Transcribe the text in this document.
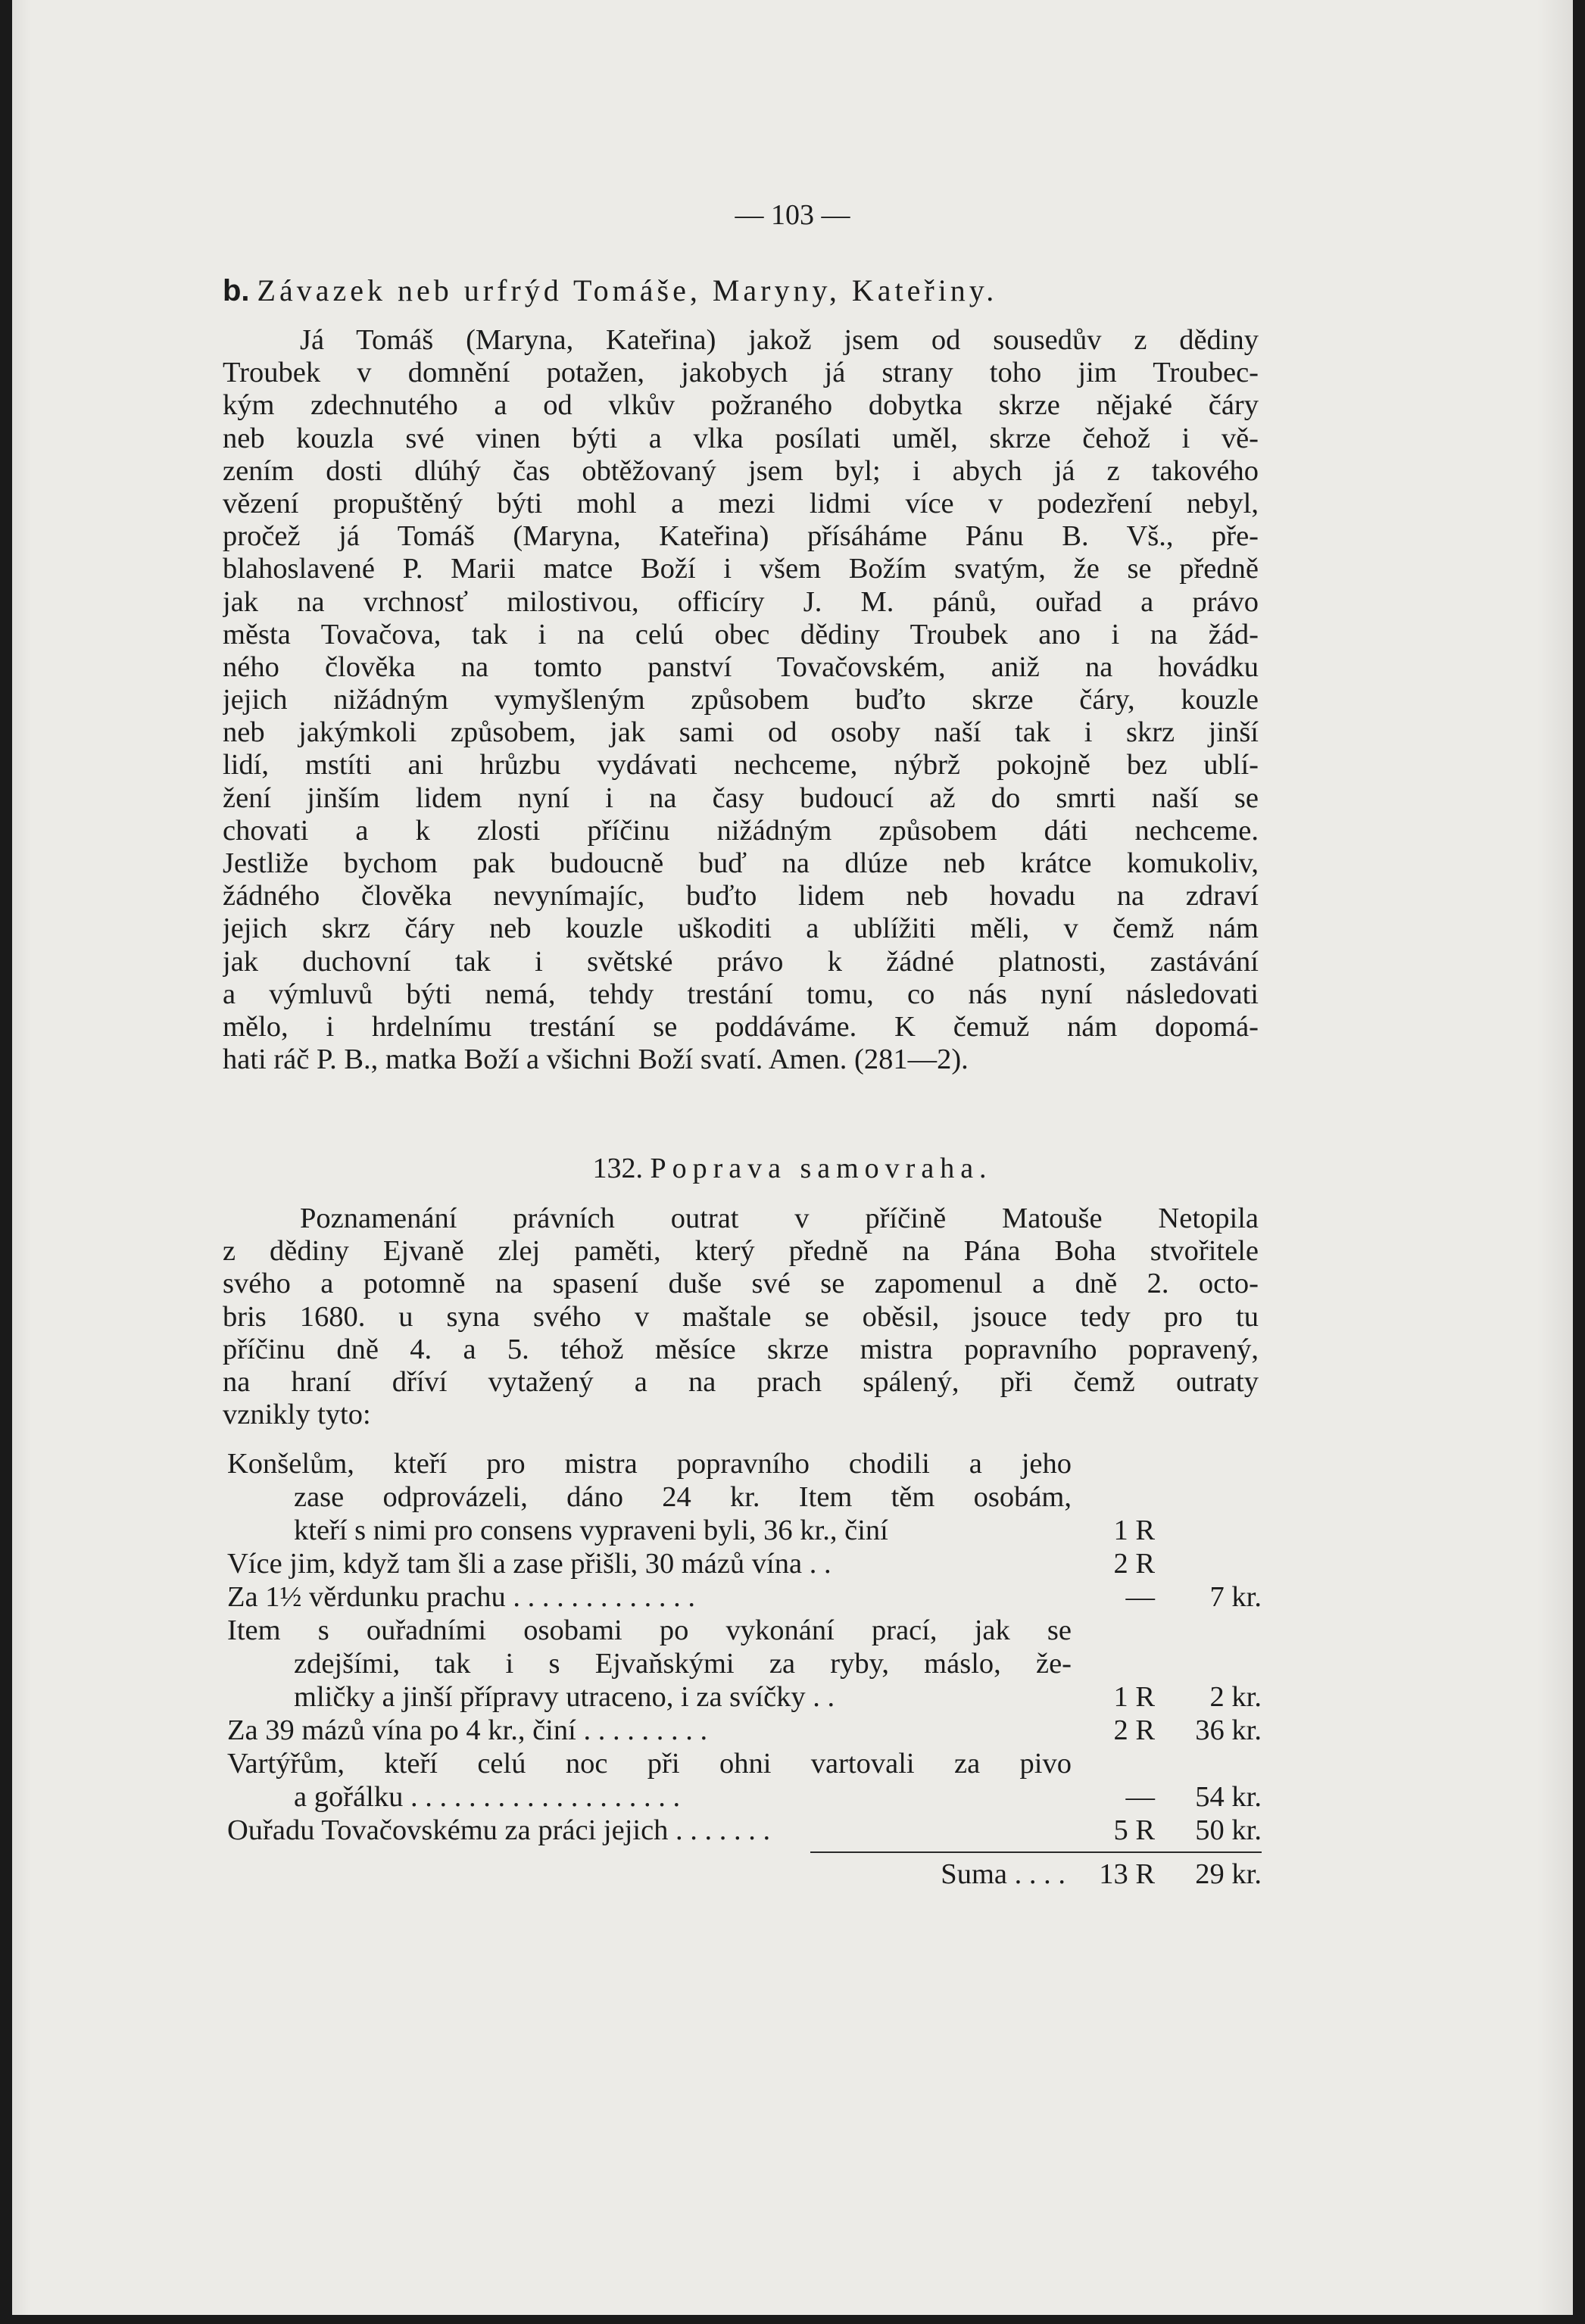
— 103 —
b. Závazek neb urfrýd Tomáše, Maryny, Kateřiny.
Já Tomáš (Maryna, Kateřina) jakož jsem od sousedův z dědiny
Troubek v domnění potažen, jakobych já strany toho jim Troubec-
kým zdechnutého a od vlkův požraného dobytka skrze nějaké čáry
neb kouzla své vinen býti a vlka posílati uměl, skrze čehož i vě-
zením dosti dlúhý čas obtěžovaný jsem byl; i abych já z takového
vězení propuštěný býti mohl a mezi lidmi více v podezření nebyl,
pročež já Tomáš (Maryna, Kateřina) přísáháme Pánu B. Vš., pře-
blahoslavené P. Marii matce Boží i všem Božím svatým, že se předně
jak na vrchnosť milostivou, officíry J. M. pánů, ouřad a právo
města Tovačova, tak i na celú obec dědiny Troubek ano i na žád-
ného člověka na tomto panství Tovačovském, aniž na hovádku
jejich nižádným vymyšleným způsobem buďto skrze čáry, kouzle
neb jakýmkoli způsobem, jak sami od osoby naší tak i skrz jinší
lidí, mstíti ani hrůzbu vydávati nechceme, nýbrž pokojně bez ublí-
žení jinším lidem nyní i na časy budoucí až do smrti naší se
chovati a k zlosti příčinu nižádným způsobem dáti nechceme.
Jestliže bychom pak budoucně buď na dlúze neb krátce komukoliv,
žádného člověka nevynímajíc, buďto lidem neb hovadu na zdraví
jejich skrz čáry neb kouzle uškoditi a ublížiti měli, v čemž nám
jak duchovní tak i světské právo k žádné platnosti, zastávání
a výmluvů býti nemá, tehdy trestání tomu, co nás nyní následovati
mělo, i hrdelnímu trestání se poddáváme. K čemuž nám dopomá-
hati ráč P. B., matka Boží a všichni Boží svatí. Amen. (281—2).
132. Poprava samovraha.
Poznamenání právních outrat v příčině Matouše Netopila
z dědiny Ejvaně zlej paměti, který předně na Pána Boha stvořitele
svého a potomně na spasení duše své se zapomenul a dně 2. octo-
bris 1680. u syna svého v maštale se oběsil, jsouce tedy pro tu
příčinu dně 4. a 5. téhož měsíce skrze mistra popravního popravený,
na hraní dříví vytažený a na prach spálený, při čemž outraty
vznikly tyto:
Konšelům, kteří pro mistra popravního chodili a jeho
zase odprovázeli, dáno 24 kr. Item těm osobám,
kteří s nimi pro consens vypraveni byli, 36 kr., činí	1 R
Více jim, když tam šli a zase přišli, 30 mázů vína . .	2 R
Za 1½ věrdunku prachu . . . . . . . . . . . . .	—	7 kr.
Item s ouřadními osobami po vykonání prací, jak se
zdejšími, tak i s Ejvaňskými za ryby, máslo, že-
mličky a jinší přípravy utraceno, i za svíčky . .	1 R	2 kr.
Za 39 mázů vína po 4 kr., činí . . . . . . . . .	2 R	36 kr.
Vartýřům, kteří celú noc při ohni vartovali za pivo
a gořálku . . . . . . . . . . . . . . . . . . .	—	54 kr.
Ouřadu Tovačovskému za práci jejich . . . . . . .	5 R	50 kr.
Suma . . . .	13 R	29 kr.
